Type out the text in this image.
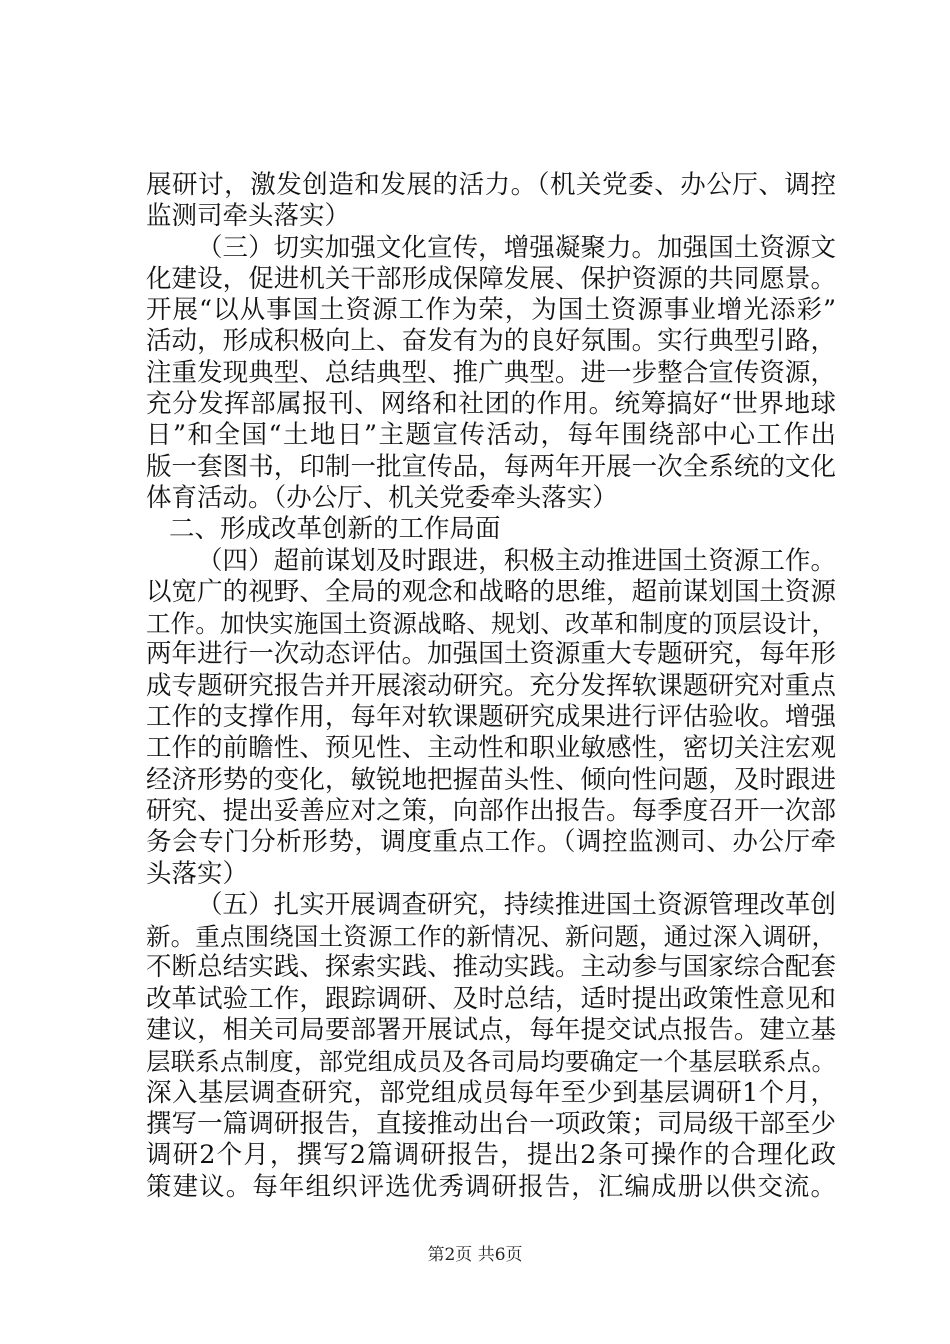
展研讨，激发创造和发展的活力。（机关党委、办公厅、调控
监测司牵头落实）
（三）切实加强文化宣传，增强凝聚力。加强国土资源文
化建设，促进机关干部形成保障发展、保护资源的共同愿景。
开展“以从事国土资源工作为荣，为国土资源事业增光添彩”
活动，形成积极向上、奋发有为的良好氛围。实行典型引路，
注重发现典型、总结典型、推广典型。进一步整合宣传资源，
充分发挥部属报刊、网络和社团的作用。统筹搞好“世界地球
日”和全国“土地日”主题宣传活动，每年围绕部中心工作出
版一套图书，印制一批宣传品，每两年开展一次全系统的文化
体育活动。（办公厅、机关党委牵头落实）
二、形成改革创新的工作局面
（四）超前谋划及时跟进，积极主动推进国土资源工作。
以宽广的视野、全局的观念和战略的思维，超前谋划国土资源
工作。加快实施国土资源战略、规划、改革和制度的顶层设计，
两年进行一次动态评估。加强国土资源重大专题研究，每年形
成专题研究报告并开展滚动研究。充分发挥软课题研究对重点
工作的支撑作用，每年对软课题研究成果进行评估验收。增强
工作的前瞻性、预见性、主动性和职业敏感性，密切关注宏观
经济形势的变化，敏锐地把握苗头性、倾向性问题，及时跟进
研究、提出妥善应对之策，向部作出报告。每季度召开一次部
务会专门分析形势，调度重点工作。（调控监测司、办公厅牵
头落实）
（五）扎实开展调查研究，持续推进国土资源管理改革创
新。重点围绕国土资源工作的新情况、新问题，通过深入调研，
不断总结实践、探索实践、推动实践。主动参与国家综合配套
改革试验工作，跟踪调研、及时总结，适时提出政策性意见和
建议，相关司局要部署开展试点，每年提交试点报告。建立基
层联系点制度，部党组成员及各司局均要确定一个基层联系点。
深入基层调查研究，部党组成员每年至少到基层调研1个月，
撰写一篇调研报告，直接推动出台一项政策；司局级干部至少
调研2个月，撰写2篇调研报告，提出2条可操作的合理化政
策建议。每年组织评选优秀调研报告，汇编成册以供交流。
第2页 共6页
